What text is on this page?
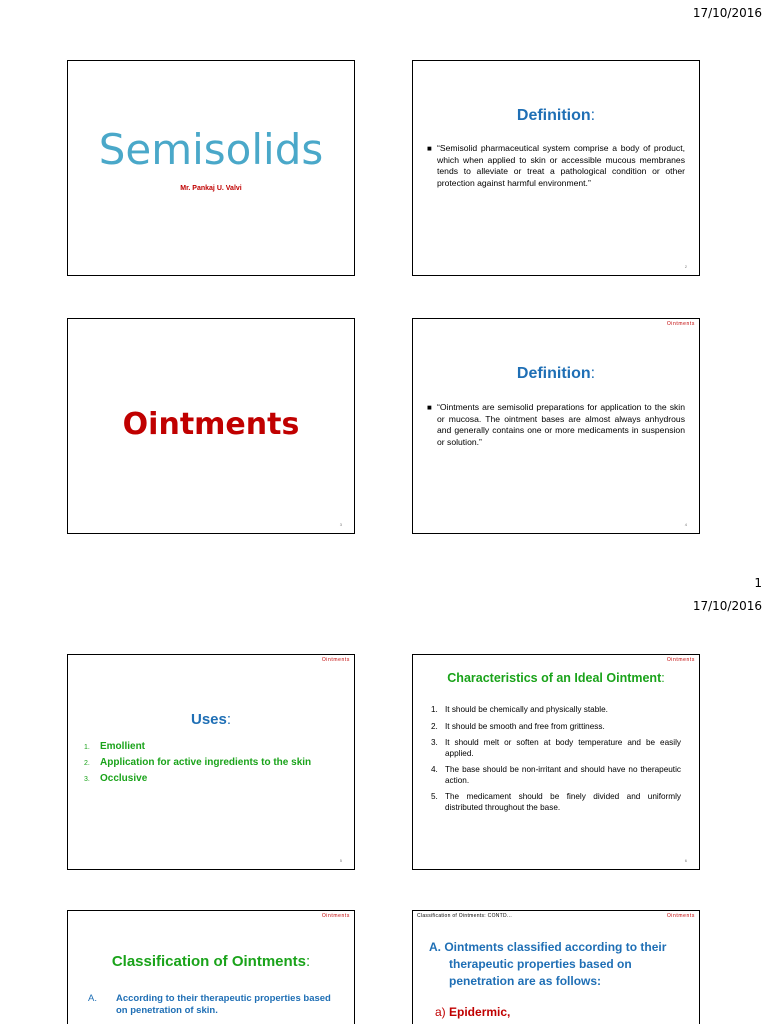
17/10/2016
1
17/10/2016
Semisolids
Mr. Pankaj U. Valvi
Definition:
■ “Semisolid pharmaceutical system comprise a body of product, which when applied to skin or accessible mucous membranes tends to alleviate or treat a pathological condition or other protection against harmful environment.”
2
Ointments
3
Ointments
Definition:
■ “Ointments are semisolid preparations for application to the skin or mucosa. The ointment bases are almost always anhydrous and generally contains one or more medicaments in suspension or solution.”
4
Ointments
Uses:
1. Emollient
2. Application for active ingredients to the skin
3. Occlusive
5
Ointments
Characteristics of an Ideal Ointment:
1. It should be chemically and physically stable.
2. It should be smooth and free from grittiness.
3. It should melt or soften at body temperature and be easily applied.
4. The base should be non-irritant and should have no therapeutic action.
5. The medicament should be finely divided and uniformly distributed throughout the base.
6
Ointments
Classification of Ointments:
A.	According to their therapeutic properties based on penetration of skin.
Classification of Ointments: CONTD...	Ointments
A. Ointments classified according to their therapeutic properties based on penetration are as follows:
a) Epidermic,
